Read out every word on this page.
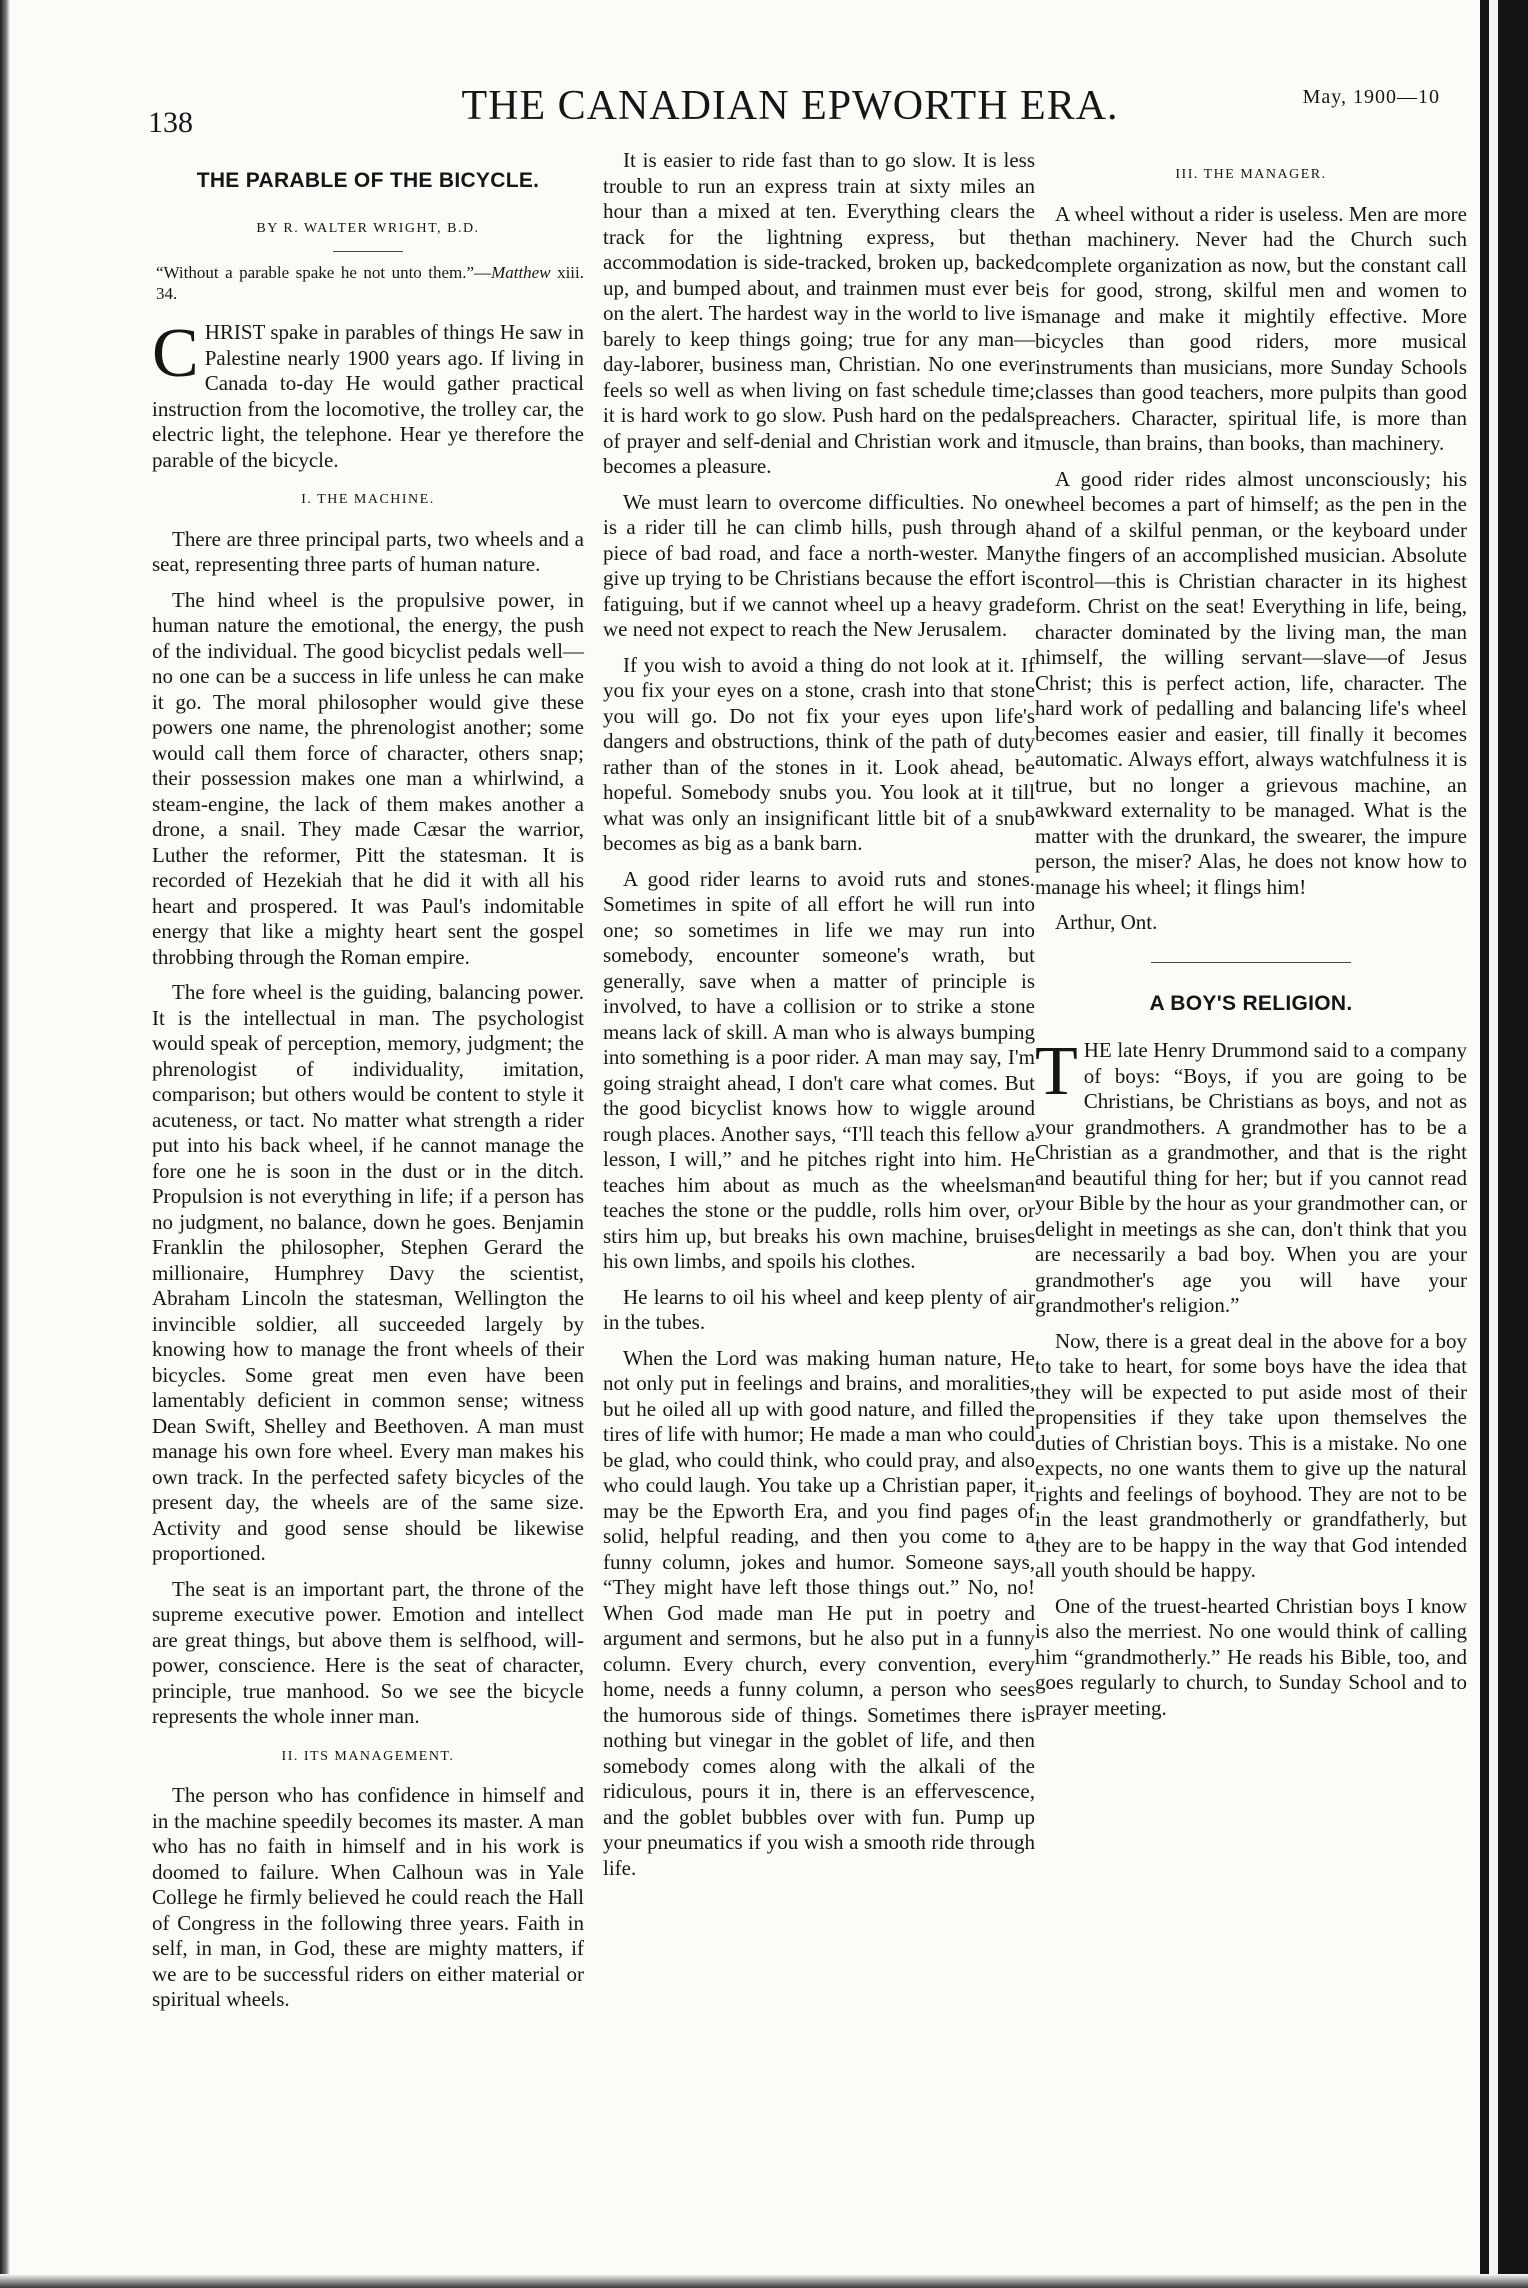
138	THE CANADIAN EPWORTH ERA.	May, 1900—10
THE PARABLE OF THE BICYCLE.
BY R. WALTER WRIGHT, B.D.
“Without a parable spake he not unto them.”—Matthew xiii. 34.

CHRIST spake in parables of things He saw in Palestine nearly 1900 years ago. If living in Canada to-day He would gather practical instruction from the locomotive, the trolley car, the electric light, the telephone. Hear ye therefore the parable of the bicycle.

I. THE MACHINE.

There are three principal parts, two wheels and a seat, representing three parts of human nature.

The hind wheel is the propulsive power, in human nature the emotional, the energy, the push of the individual. The good bicyclist pedals well—no one can be a success in life unless he can make it go. The moral philosopher would give these powers one name, the phrenologist another; some would call them force of character, others snap; their possession makes one man a whirlwind, a steam-engine, the lack of them makes another a drone, a snail. They made Cæsar the warrior, Luther the reformer, Pitt the statesman. It is recorded of Hezekiah that he did it with all his heart and prospered. It was Paul's indomitable energy that like a mighty heart sent the gospel throbbing through the Roman empire.

The fore wheel is the guiding, balancing power. It is the intellectual in man. The psychologist would speak of perception, memory, judgment; the phrenologist of individuality, imitation, comparison; but others would be content to style it acuteness, or tact. No matter what strength a rider put into his back wheel, if he cannot manage the fore one he is soon in the dust or in the ditch. Propulsion is not everything in life; if a person has no judgment, no balance, down he goes. Benjamin Franklin the philosopher, Stephen Gerard the millionaire, Humphrey Davy the scientist, Abraham Lincoln the statesman, Wellington the invincible soldier, all succeeded largely by knowing how to manage the front wheels of their bicycles. Some great men even have been lamentably deficient in common sense; witness Dean Swift, Shelley and Beethoven. A man must manage his own fore wheel. Every man makes his own track. In the perfected safety bicycles of the present day, the wheels are of the same size. Activity and good sense should be likewise proportioned.

The seat is an important part, the throne of the supreme executive power. Emotion and intellect are great things, but above them is selfhood, will-power, conscience. Here is the seat of character, principle, true manhood. So we see the bicycle represents the whole inner man.

II. ITS MANAGEMENT.

The person who has confidence in himself and in the machine speedily becomes its master. A man who has no faith in himself and in his work is doomed to failure. When Calhoun was in Yale College he firmly believed he could reach the Hall of Congress in the following three years. Faith in self, in man, in God, these are mighty matters, if we are to be successful riders on either material or spiritual wheels.

It is easier to ride fast than to go slow. It is less trouble to run an express train at sixty miles an hour than a mixed at ten. Everything clears the track for the lightning express, but the accommodation is side-tracked, broken up, backed up, and bumped about, and trainmen must ever be on the alert. The hardest way in the world to live is barely to keep things going; true for any man—day-laborer, business man, Christian. No one ever feels so well as when living on fast schedule time; it is hard work to go slow. Push hard on the pedals of prayer and self-denial and Christian work and it becomes a pleasure.

We must learn to overcome difficulties. No one is a rider till he can climb hills, push through a piece of bad road, and face a north-wester. Many give up trying to be Christians because the effort is fatiguing, but if we cannot wheel up a heavy grade we need not expect to reach the New Jerusalem.

If you wish to avoid a thing do not look at it. If you fix your eyes on a stone, crash into that stone you will go. Do not fix your eyes upon life's dangers and obstructions, think of the path of duty rather than of the stones in it. Look ahead, be hopeful. Somebody snubs you. You look at it till what was only an insignificant little bit of a snub becomes as big as a bank barn.

A good rider learns to avoid ruts and stones. Sometimes in spite of all effort he will run into one; so sometimes in life we may run into somebody, encounter someone's wrath, but generally, save when a matter of principle is involved, to have a collision or to strike a stone means lack of skill. A man who is always bumping into something is a poor rider. A man may say, I'm going straight ahead, I don't care what comes. But the good bicyclist knows how to wiggle around rough places. Another says, “I'll teach this fellow a lesson, I will,” and he pitches right into him. He teaches him about as much as the wheelsman teaches the stone or the puddle, rolls him over, or stirs him up, but breaks his own machine, bruises his own limbs, and spoils his clothes.

He learns to oil his wheel and keep plenty of air in the tubes.

When the Lord was making human nature, He not only put in feelings and brains, and moralities, but he oiled all up with good nature, and filled the tires of life with humor; He made a man who could be glad, who could think, who could pray, and also who could laugh. You take up a Christian paper, it may be the Epworth Era, and you find pages of solid, helpful reading, and then you come to a funny column, jokes and humor. Someone says, “They might have left those things out.” No, no! When God made man He put in poetry and argument and sermons, but he also put in a funny column. Every church, every convention, every home, needs a funny column, a person who sees the humorous side of things. Sometimes there is nothing but vinegar in the goblet of life, and then somebody comes along with the alkali of the ridiculous, pours it in, there is an effervescence, and the goblet bubbles over with fun. Pump up your pneumatics if you wish a smooth ride through life.

III. THE MANAGER.

A wheel without a rider is useless. Men are more than machinery. Never had the Church such complete organization as now, but the constant call is for good, strong, skilful men and women to manage and make it mightily effective. More bicycles than good riders, more musical instruments than musicians, more Sunday Schools classes than good teachers, more pulpits than good preachers. Character, spiritual life, is more than muscle, than brains, than books, than machinery.

A good rider rides almost unconsciously; his wheel becomes a part of himself; as the pen in the hand of a skilful penman, or the keyboard under the fingers of an accomplished musician. Absolute control—this is Christian character in its highest form. Christ on the seat! Everything in life, being, character dominated by the living man, the man himself, the willing servant—slave—of Jesus Christ; this is perfect action, life, character. The hard work of pedalling and balancing life's wheel becomes easier and easier, till finally it becomes automatic. Always effort, always watchfulness it is true, but no longer a grievous machine, an awkward externality to be managed. What is the matter with the drunkard, the swearer, the impure person, the miser? Alas, he does not know how to manage his wheel; it flings him!

Arthur, Ont.

A BOY'S RELIGION.

THE late Henry Drummond said to a company of boys: “Boys, if you are going to be Christians, be Christians as boys, and not as your grandmothers. A grandmother has to be a Christian as a grandmother, and that is the right and beautiful thing for her; but if you cannot read your Bible by the hour as your grandmother can, or delight in meetings as she can, don't think that you are necessarily a bad boy. When you are your grandmother's age you will have your grandmother's religion.”

Now, there is a great deal in the above for a boy to take to heart, for some boys have the idea that they will be expected to put aside most of their propensities if they take upon themselves the duties of Christian boys. This is a mistake. No one expects, no one wants them to give up the natural rights and feelings of boyhood. They are not to be in the least grandmotherly or grandfatherly, but they are to be happy in the way that God intended all youth should be happy.

One of the truest-hearted Christian boys I know is also the merriest. No one would think of calling him “grandmotherly.” He reads his Bible, too, and goes regularly to church, to Sunday School and to prayer meeting.
